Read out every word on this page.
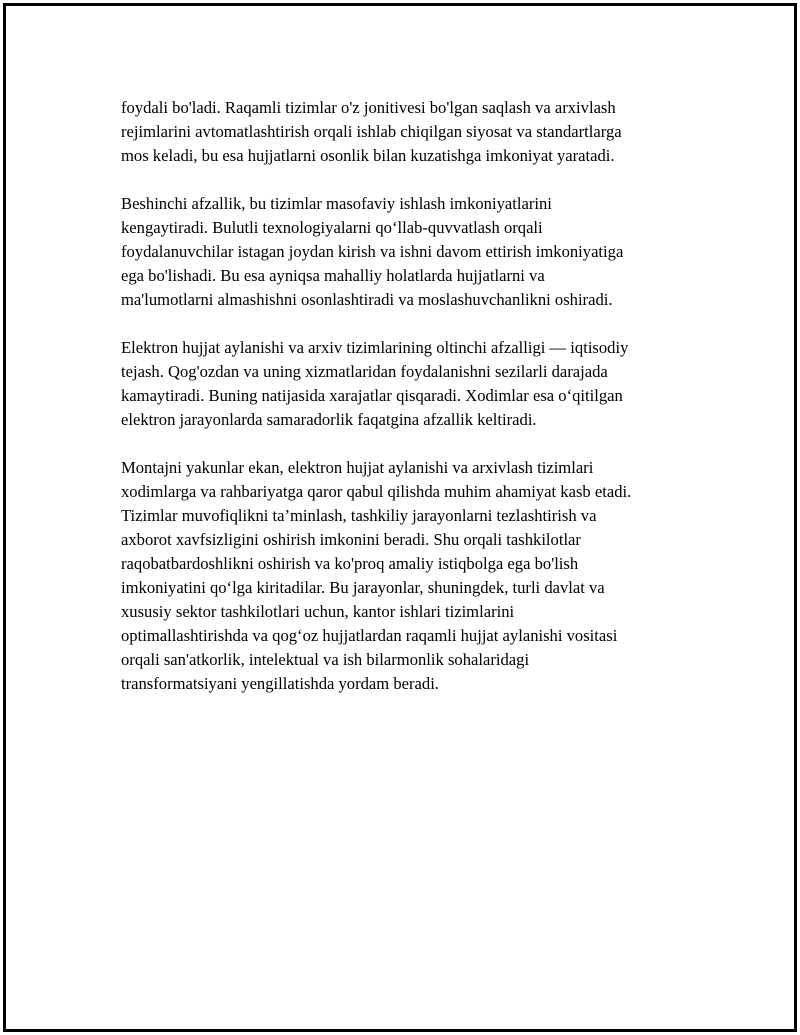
foydali bo'ladi. Raqamli tizimlar o'z jonitivesi bo'lgan saqlash va arxivlash
rejimlarini avtomatlashtirish orqali ishlab chiqilgan siyosat va standartlarga
mos keladi, bu esa hujjatlarni osonlik bilan kuzatishga imkoniyat yaratadi.

Beshinchi afzallik, bu tizimlar masofaviy ishlash imkoniyatlarini
kengaytiradi. Bulutli texnologiyalarni qo‘llab-quvvatlash orqali
foydalanuvchilar istagan joydan kirish va ishni davom ettirish imkoniyatiga
ega bo'lishadi. Bu esa ayniqsa mahalliy holatlarda hujjatlarni va
ma'lumotlarni almashishni osonlashtiradi va moslashuvchanlikni oshiradi.

Elektron hujjat aylanishi va arxiv tizimlarining oltinchi afzalligi — iqtisodiy
tejash. Qog'ozdan va uning xizmatlaridan foydalanishni sezilarli darajada
kamaytiradi. Buning natijasida xarajatlar qisqaradi. Xodimlar esa o‘qitilgan
elektron jarayonlarda samaradorlik faqatgina afzallik keltiradi.

Montajni yakunlar ekan, elektron hujjat aylanishi va arxivlash tizimlari
xodimlarga va rahbariyatga qaror qabul qilishda muhim ahamiyat kasb etadi.
Tizimlar muvofiqlikni ta’minlash, tashkiliy jarayonlarni tezlashtirish va
axborot xavfsizligini oshirish imkonini beradi. Shu orqali tashkilotlar
raqobatbardoshlikni oshirish va ko'proq amaliy istiqbolga ega bo'lish
imkoniyatini qo‘lga kiritadilar. Bu jarayonlar, shuningdek, turli davlat va
xususiy sektor tashkilotlari uchun, kantor ishlari tizimlarini
optimallashtirishda va qog‘oz hujjatlardan raqamli hujjat aylanishi vositasi
orqali san'atkorlik, intelektual va ish bilarmonlik sohalaridagi
transformatsiyani yengillatishda yordam beradi.
